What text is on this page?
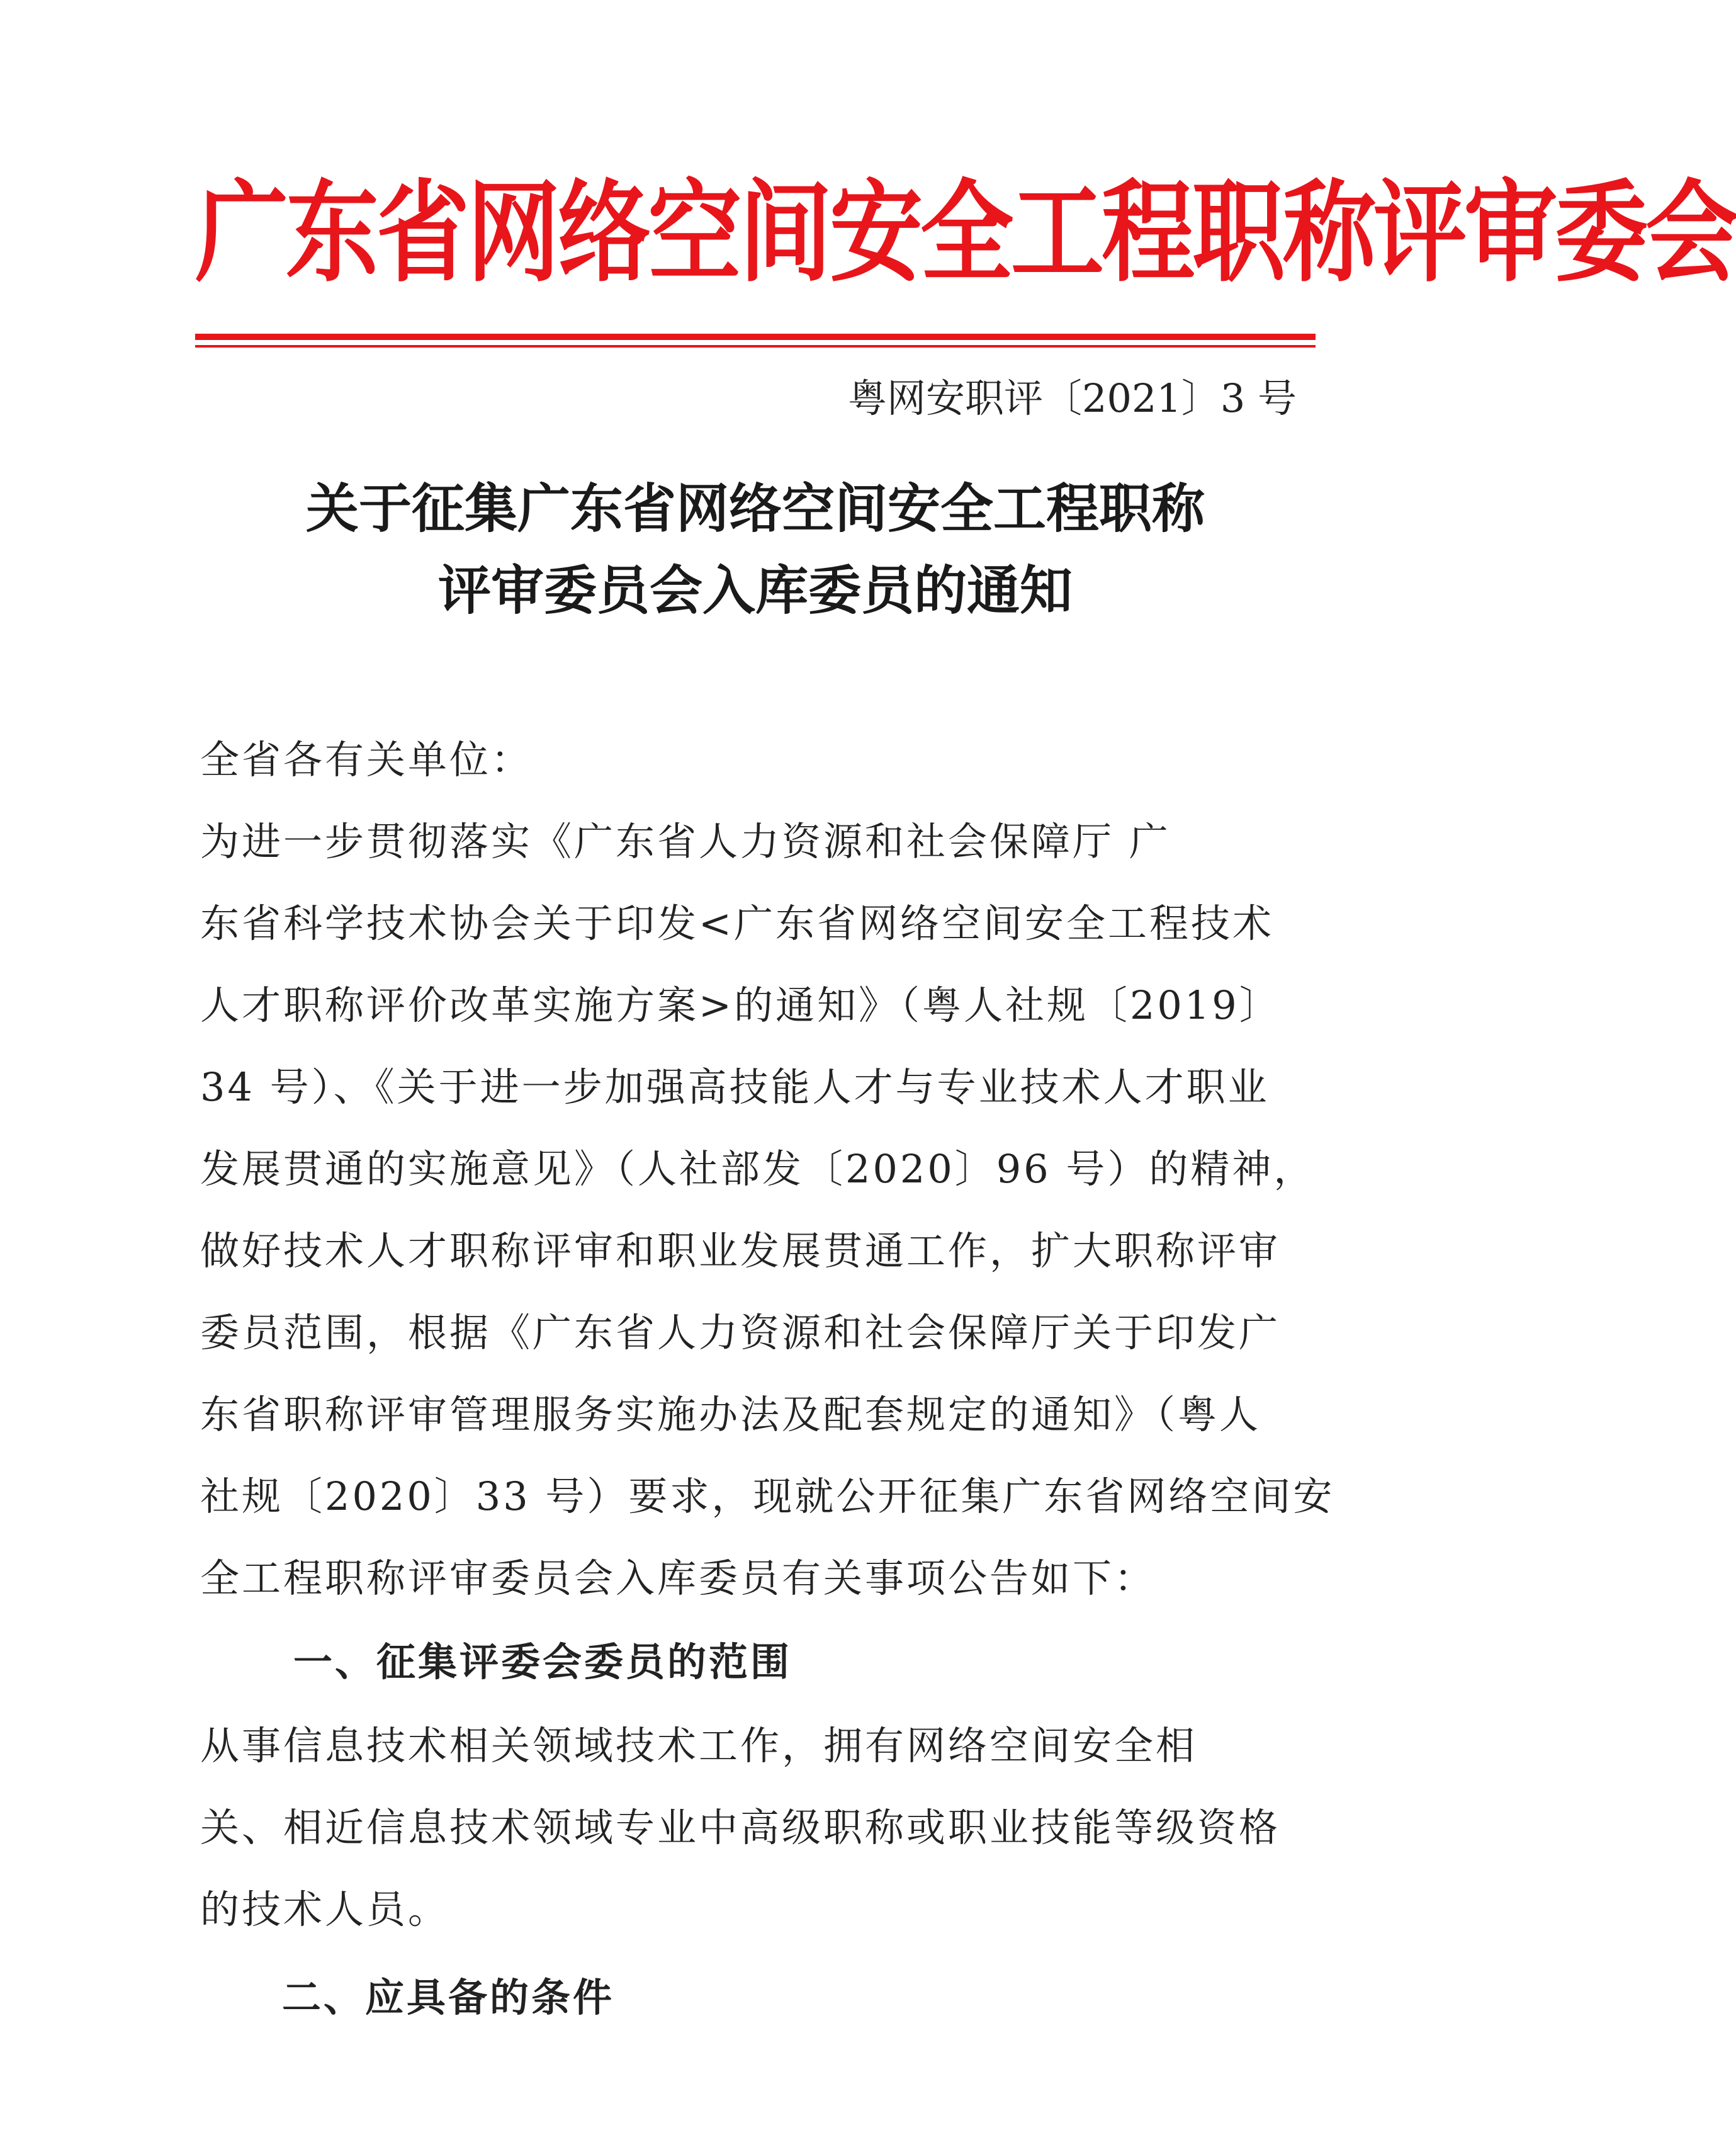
广东省网络空间安全工程职称评审委会
粤网安职评〔2021〕3 号
关于征集广东省网络空间安全工程职称
评审委员会入库委员的通知
全省各有关单位：
为进一步贯彻落实《广东省人力资源和社会保障厅 广
东省科学技术协会关于印发<广东省网络空间安全工程技术
人才职称评价改革实施方案>的通知》（粤人社规〔2019〕
34 号）、《关于进一步加强高技能人才与专业技术人才职业
发展贯通的实施意见》（人社部发〔2020〕96 号）的精神，
做好技术人才职称评审和职业发展贯通工作，扩大职称评审
委员范围，根据《广东省人力资源和社会保障厅关于印发广
东省职称评审管理服务实施办法及配套规定的通知》（粤人
社规〔2020〕33 号）要求，现就公开征集广东省网络空间安
全工程职称评审委员会入库委员有关事项公告如下：
一、征集评委会委员的范围
从事信息技术相关领域技术工作，拥有网络空间安全相
关、相近信息技术领域专业中高级职称或职业技能等级资格
的技术人员。
二、应具备的条件
